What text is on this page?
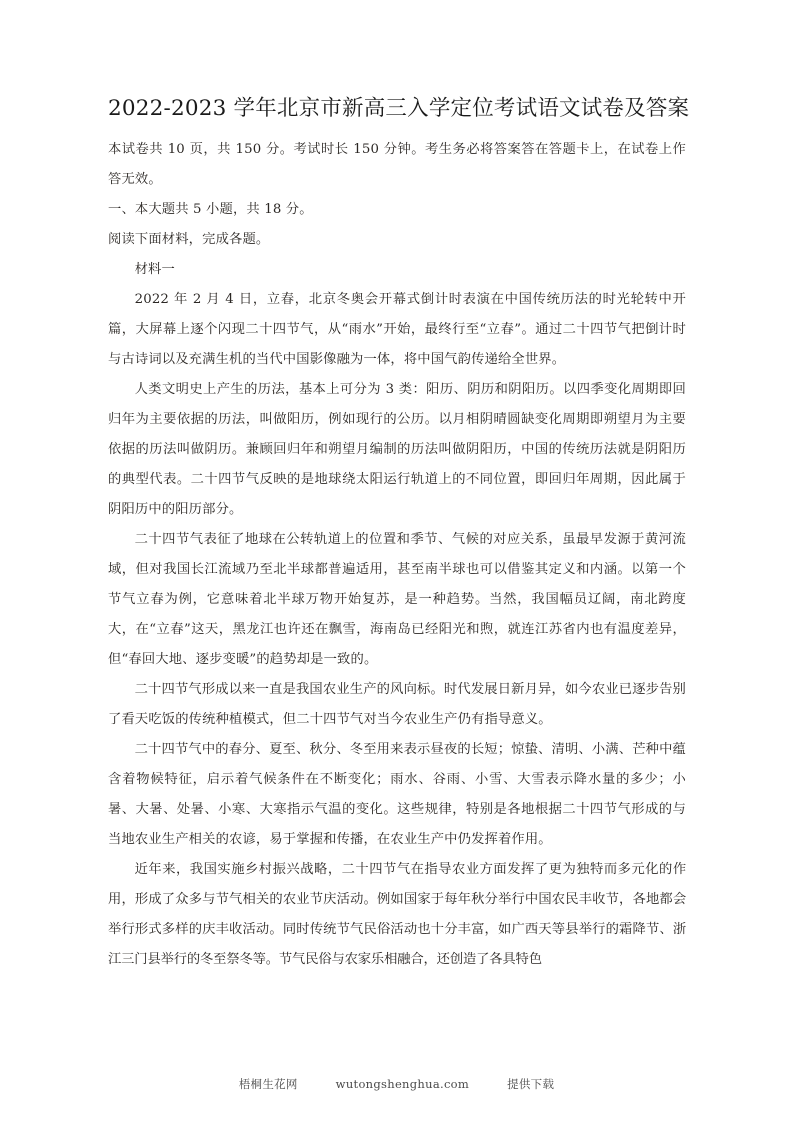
2022-2023 学年北京市新高三入学定位考试语文试卷及答案

本试卷共 10 页，共 150 分。考试时长 150 分钟。考生务必将答案答在答题卡上，在试卷上作答无效。

一、本大题共 5 小题，共 18 分。

阅读下面材料，完成各题。

材料一

2022 年 2 月 4 日，立春，北京冬奥会开幕式倒计时表演在中国传统历法的时光轮转中开篇，大屏幕上逐个闪现二十四节气，从“雨水”开始，最终行至“立春”。通过二十四节气把倒计时与古诗词以及充满生机的当代中国影像融为一体，将中国气韵传递给全世界。

人类文明史上产生的历法，基本上可分为 3 类：阳历、阴历和阴阳历。以四季变化周期即回归年为主要依据的历法，叫做阳历，例如现行的公历。以月相阴晴圆缺变化周期即朔望月为主要依据的历法叫做阴历。兼顾回归年和朔望月编制的历法叫做阴阳历，中国的传统历法就是阴阳历的典型代表。二十四节气反映的是地球绕太阳运行轨道上的不同位置，即回归年周期，因此属于阴阳历中的阳历部分。

二十四节气表征了地球在公转轨道上的位置和季节、气候的对应关系，虽最早发源于黄河流域，但对我国长江流域乃至北半球都普遍适用，甚至南半球也可以借鉴其定义和内涵。以第一个节气立春为例，它意味着北半球万物开始复苏，是一种趋势。当然，我国幅员辽阔，南北跨度大，在“立春”这天，黑龙江也许还在飘雪，海南岛已经阳光和煦，就连江苏省内也有温度差异，但“春回大地、逐步变暖”的趋势却是一致的。

二十四节气形成以来一直是我国农业生产的风向标。时代发展日新月异，如今农业已逐步告别了看天吃饭的传统种植模式，但二十四节气对当今农业生产仍有指导意义。

二十四节气中的春分、夏至、秋分、冬至用来表示昼夜的长短；惊蛰、清明、小满、芒种中蕴含着物候特征，启示着气候条件在不断变化；雨水、谷雨、小雪、大雪表示降水量的多少；小暑、大暑、处暑、小寒、大寒指示气温的变化。这些规律，特别是各地根据二十四节气形成的与当地农业生产相关的农谚，易于掌握和传播，在农业生产中仍发挥着作用。

近年来，我国实施乡村振兴战略，二十四节气在指导农业方面发挥了更为独特而多元化的作用，形成了众多与节气相关的农业节庆活动。例如国家于每年秋分举行中国农民丰收节，各地都会举行形式多样的庆丰收活动。同时传统节气民俗活动也十分丰富，如广西天等县举行的霜降节、浙江三门县举行的冬至祭冬等。节气民俗与农家乐相融合，还创造了各具特色

梧桐生花网	wutongshenghua.com	提供下载
